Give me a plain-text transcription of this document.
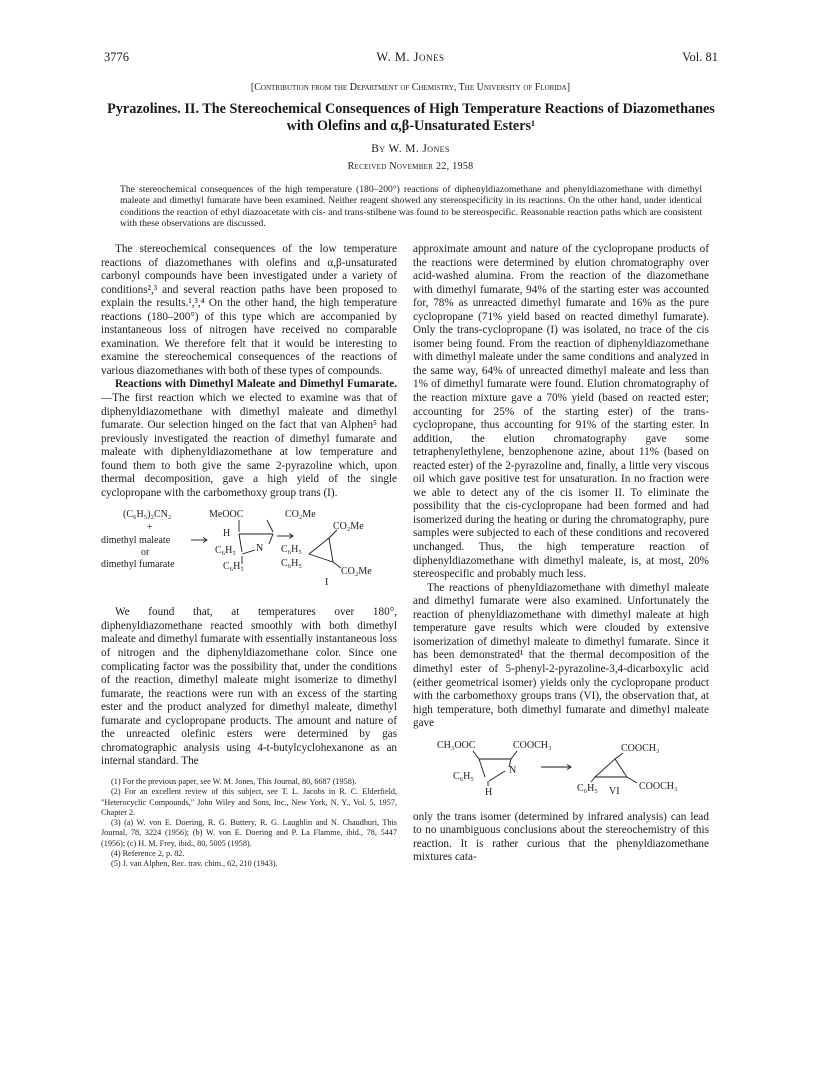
3776	W. M. Jones	Vol. 81
[Contribution from the Department of Chemistry, The University of Florida]
Pyrazolines. II. The Stereochemical Consequences of High Temperature Reactions of Diazomethanes with Olefins and α,β-Unsaturated Esters¹
By W. M. Jones
Received November 22, 1958
The stereochemical consequences of the high temperature (180–200°) reactions of diphenyldiazomethane and phenyldiazomethane with dimethyl maleate and dimethyl fumarate have been examined. Neither reagent showed any stereospecificity in its reactions. On the other hand, under identical conditions the reaction of ethyl diazoacetate with cis- and trans-stilbene was found to be stereospecific. Reasonable reaction paths which are consistent with these observations are discussed.

The stereochemical consequences of the low temperature reactions of diazomethanes with olefins and α,β-unsaturated carbonyl compounds have been investigated under a variety of conditions²,³ and several reaction paths have been proposed to explain the results.¹,³,⁴ On the other hand, the high temperature reactions (180–200°) of this type which are accompanied by instantaneous loss of nitrogen have received no comparable examination. We therefore felt that it would be interesting to examine the stereochemical consequences of the reactions of various diazomethanes with both of these types of compounds.

Reactions with Dimethyl Maleate and Dimethyl Fumarate.—The first reaction which we elected to examine was that of diphenyldiazomethane with dimethyl maleate and dimethyl fumarate. Our selection hinged on the fact that van Alphen⁵ had previously investigated the reaction of dimethyl fumarate and maleate with diphenyldiazomethane at low temperature and found them to both give the same 2-pyrazoline which, upon thermal decomposition, gave a high yield of the single cyclopropane with the carbomethoxy group trans (I).

(C₆H₅)₂CN₂
+
dimethyl maleate
or
dimethyl fumarate
MeOOC	CO₂Me
H
C₆H₅
C₆H₅
N C₆H₅
C₆H₅
CO₂Me
CO₂Me
I

We found that, at temperatures over 180°, diphenyldiazomethane reacted smoothly with both dimethyl maleate and dimethyl fumarate with essentially instantaneous loss of nitrogen and the diphenyldiazomethane color. Since one complicating factor was the possibility that, under the conditions of the reaction, dimethyl maleate might isomerize to dimethyl fumarate, the reactions were run with an excess of the starting ester and the product analyzed for dimethyl maleate, dimethyl fumarate and cyclopropane products. The amount and nature of the unreacted olefinic esters were determined by gas chromatographic analysis using 4-t-butylcyclohexanone as an internal standard. The

(1) For the previous paper, see W. M. Jones, This Journal, 80, 6687 (1958).
(2) For an excellent review of this subject, see T. L. Jacobs in R. C. Elderfield, "Heterocyclic Compounds," John Wiley and Sons, Inc., New York, N. Y., Vol. 5, 1957, Chapter 2.
(3) (a) W. von E. Doering, R. G. Buttery, R. G. Laughlin and N. Chaudhuri, This Journal, 78, 3224 (1956); (b) W. von E. Doering and P. La Flamme, ibid., 78, 5447 (1956); (c) H. M. Frey, ibid., 80, 5005 (1958).
(4) Reference 2, p. 82.
(5) J. van Alphen, Rec. trav. chim., 62, 210 (1943).

approximate amount and nature of the cyclopropane products of the reactions were determined by elution chromatography over acid-washed alumina. From the reaction of the diazomethane with dimethyl fumarate, 94% of the starting ester was accounted for, 78% as unreacted dimethyl fumarate and 16% as the pure cyclopropane (71% yield based on reacted dimethyl fumarate). Only the trans-cyclopropane (I) was isolated, no trace of the cis isomer being found. From the reaction of diphenyldiazomethane with dimethyl maleate under the same conditions and analyzed in the same way, 64% of unreacted dimethyl maleate and less than 1% of dimethyl fumarate were found. Elution chromatography of the reaction mixture gave a 70% yield (based on reacted ester; accounting for 25% of the starting ester) of the trans-cyclopropane, thus accounting for 91% of the starting ester. In addition, the elution chromatography gave some tetraphenylethylene, benzophenone azine, about 11% (based on reacted ester) of the 2-pyrazoline and, finally, a little very viscous oil which gave positive test for unsaturation. In no fraction were we able to detect any of the cis isomer II. To eliminate the possibility that the cis-cyclopropane had been formed and had isomerized during the heating or during the chromatography, pure samples were subjected to each of these conditions and recovered unchanged. Thus, the high temperature reaction of diphenyldiazomethane with dimethyl maleate, is, at most, 20% stereospecific and probably much less.

The reactions of phenyldiazomethane with dimethyl maleate and dimethyl fumarate were also examined. Unfortunately the reaction of phenyldiazomethane with dimethyl maleate at high temperature gave results which were clouded by extensive isomerization of dimethyl maleate to dimethyl fumarate. Since it has been demonstrated¹ that the thermal decomposition of the dimethyl ester of 5-phenyl-2-pyrazoline-3,4-dicarboxylic acid (either geometrical isomer) yields only the cyclopropane product with the carbomethoxy groups trans (VI), the observation that, at high temperature, both dimethyl fumarate and dimethyl maleate gave

CH₃OOC	COOCH₃
C₆H₅
N
H
COOCH₃
C₆H₅ VI COOCH₃

only the trans isomer (determined by infrared analysis) can lead to no unambiguous conclusions about the stereochemistry of this reaction. It is rather curious that the phenyldiazomethane mixtures cata-
